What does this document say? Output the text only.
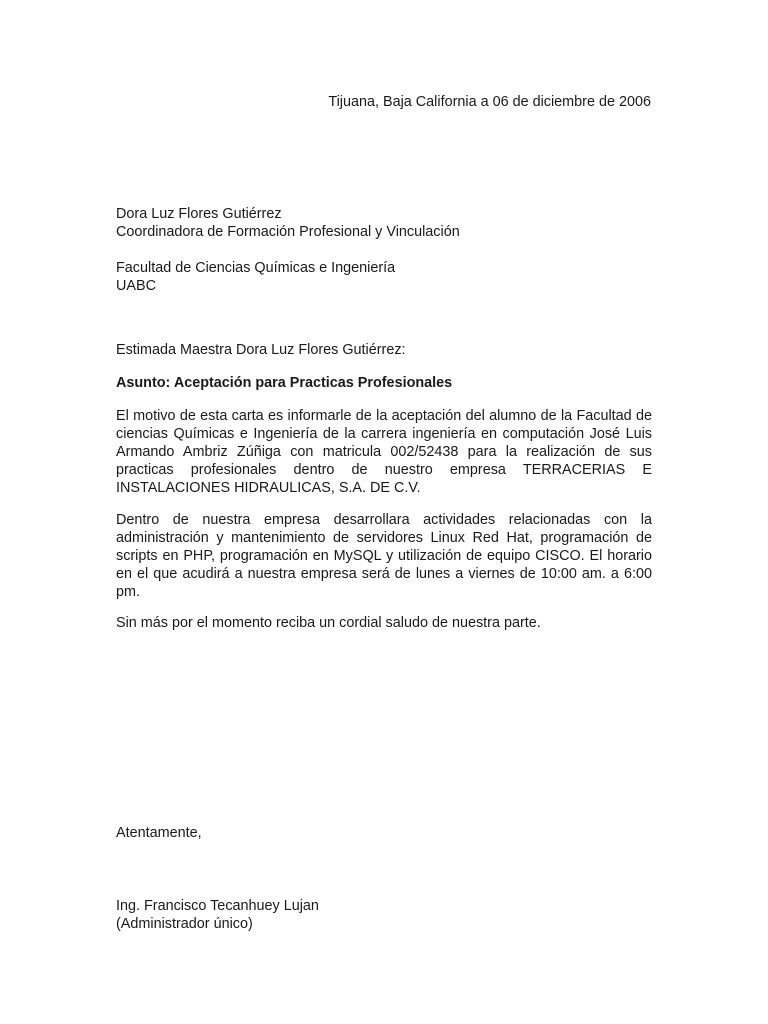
Tijuana, Baja California a 06 de diciembre de 2006
Dora Luz Flores Gutiérrez
Coordinadora de Formación Profesional y Vinculación
Facultad de Ciencias Químicas e Ingeniería
UABC
Estimada Maestra Dora Luz Flores Gutiérrez:
Asunto: Aceptación para Practicas Profesionales
El motivo de esta carta es informarle de la aceptación del alumno de la Facultad de ciencias Químicas e Ingeniería de la carrera ingeniería en computación José Luis Armando Ambriz Zúñiga con matricula 002/52438 para la realización de sus practicas profesionales dentro de nuestro empresa TERRACERIAS E INSTALACIONES HIDRAULICAS, S.A. DE C.V.
Dentro de nuestra empresa desarrollara actividades relacionadas con la administración y mantenimiento de servidores Linux Red Hat, programación de scripts en PHP, programación en MySQL y utilización de equipo CISCO. El horario en el que acudirá a nuestra empresa será de lunes a viernes de 10:00 am. a 6:00 pm.
Sin más por el momento reciba un cordial saludo de nuestra parte.
Atentamente,
Ing. Francisco Tecanhuey Lujan
(Administrador único)
